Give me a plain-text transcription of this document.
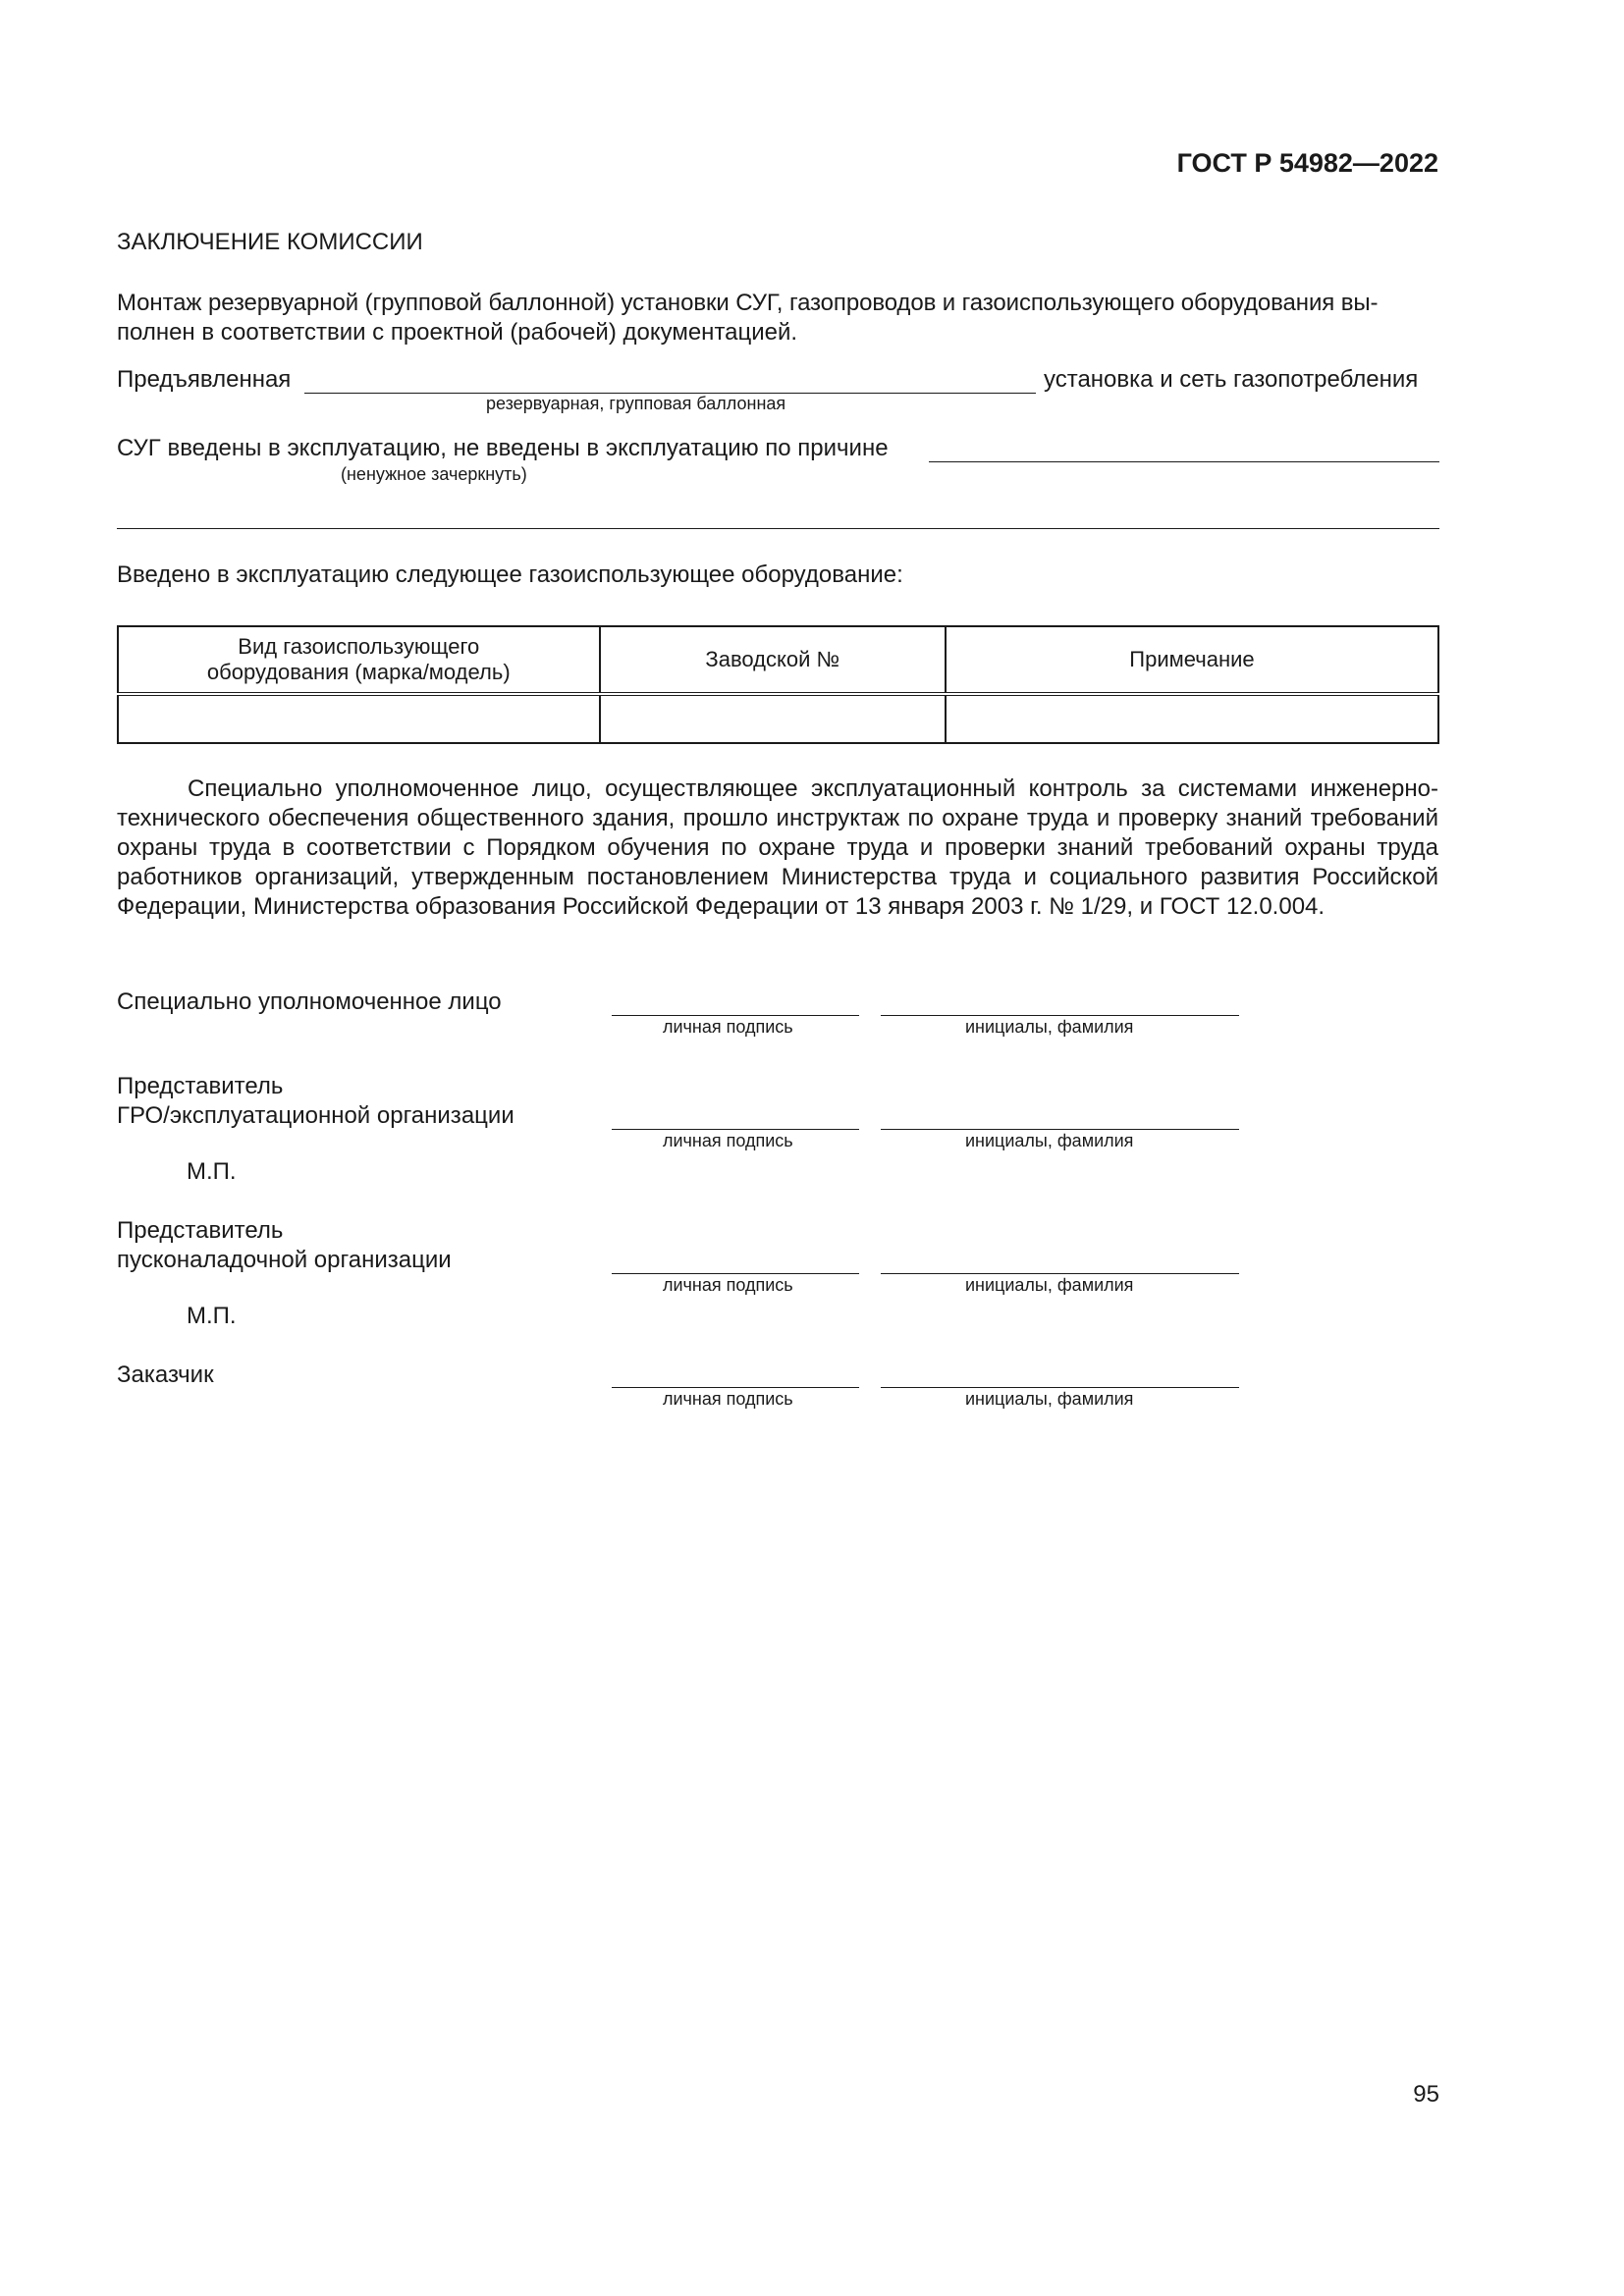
ГОСТ Р 54982—2022
ЗАКЛЮЧЕНИЕ КОМИССИИ
Монтаж резервуарной (групповой баллонной) установки СУГ, газопроводов и газоиспользующего оборудования вы-
полнен в соответствии с проектной (рабочей) документацией.
Предъявленная
резервуарная, групповая баллонная
установка и сеть газопотребления
СУГ введены в эксплуатацию, не введены в эксплуатацию по причине
(ненужное зачеркнуть)
Введено в эксплуатацию следующее газоиспользующее оборудование:
Вид газоиспользующего оборудования (марка/модель)	Заводской №	Примечание

Специально уполномоченное лицо, осуществляющее эксплуатационный контроль за системами инженерно-технического обеспечения общественного здания, прошло инструктаж по охране труда и проверку знаний требований охраны труда в соответствии с Порядком обучения по охране труда и проверки знаний требований охраны труда работников организаций, утвержденным постановлением Министерства труда и социального развития Российской Федерации, Министерства образования Российской Федерации от 13 января 2003 г. № 1/29, и ГОСТ 12.0.004.
Специально уполномоченное лицо
личная подпись	инициалы, фамилия
Представитель
ГРО/эксплуатационной организации
личная подпись	инициалы, фамилия
М.П.
Представитель
пусконаладочной организации
личная подпись	инициалы, фамилия
М.П.
Заказчик
личная подпись	инициалы, фамилия
95
